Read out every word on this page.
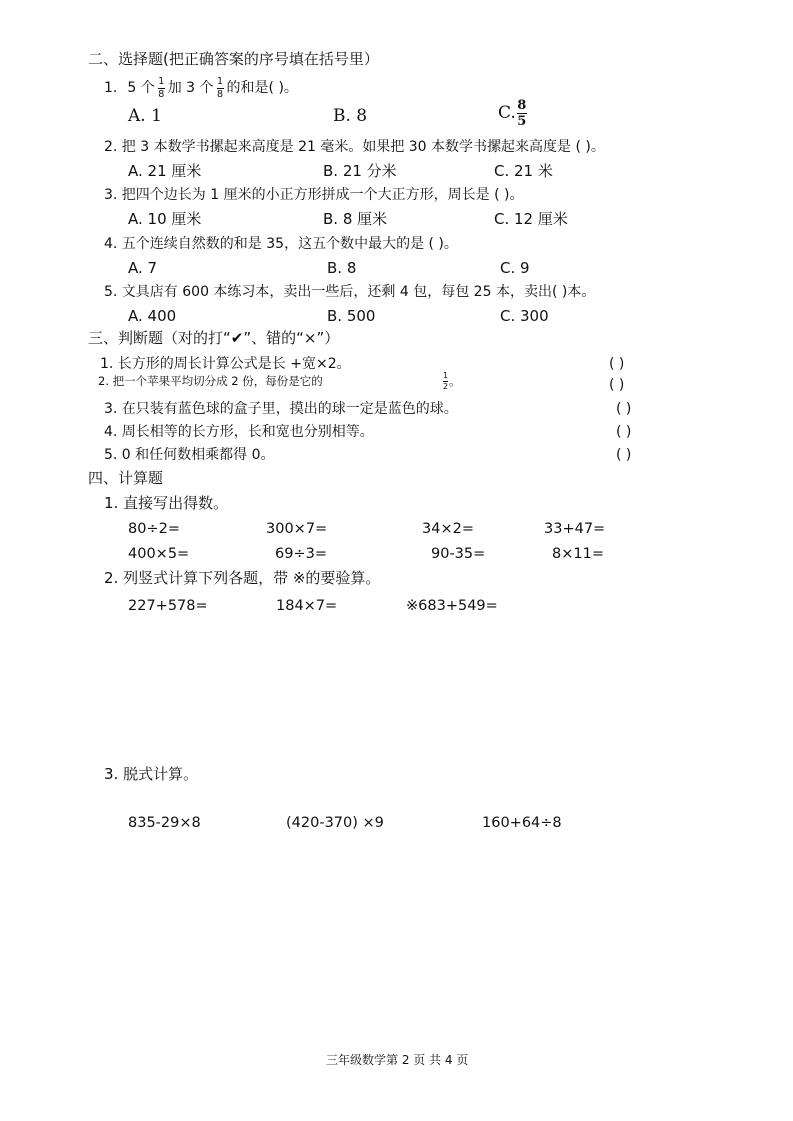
二、选择题(把正确答案的序号填在括号里）
1. 5 个 $\frac{1}{8}$ 加 3 个 $\frac{1}{8}$ 的和是( )。
A. 1	B. 8	C. $\frac{8}{5}$
2. 把 3 本数学书摞起来高度是 21 毫米。如果把 30 本数学书摞起来高度是 ( )。
A. 21 厘米	B. 21 分米	C. 21 米
3. 把四个边长为 1 厘米的小正方形拼成一个大正方形，周长是 ( )。
A. 10 厘米	B. 8 厘米	C. 12 厘米
4. 五个连续自然数的和是 35，这五个数中最大的是 ( )。
A. 7	B. 8	C. 9
5. 文具店有 600 本练习本，卖出一些后，还剩 4 包，每包 25 本，卖出( )本。
A. 400	B. 500	C. 300
三、判断题（对的打“✔”、错的“×”）
1. 长方形的周长计算公式是长 +宽×2。	( )
2. 把一个苹果平均切分成 2 份，每份是它的	$\frac{1}{2}$ 。	( )
3. 在只装有蓝色球的盒子里，摸出的球一定是蓝色的球。	( )
4. 周长相等的长方形，长和宽也分别相等。	( )
5. 0 和任何数相乘都得 0。	( )
四、计算题
1. 直接写出得数。
80÷2=	300×7=	34×2=	33+47=
400×5=	69÷3=	90-35=	8×11=
2. 列竖式计算下列各题，带 ※的要验算。
227+578=	184×7=	※683+549=
3. 脱式计算。
835-29×8	(420-370) ×9	160+64÷8
三年级数学第 2 页 共 4 页
